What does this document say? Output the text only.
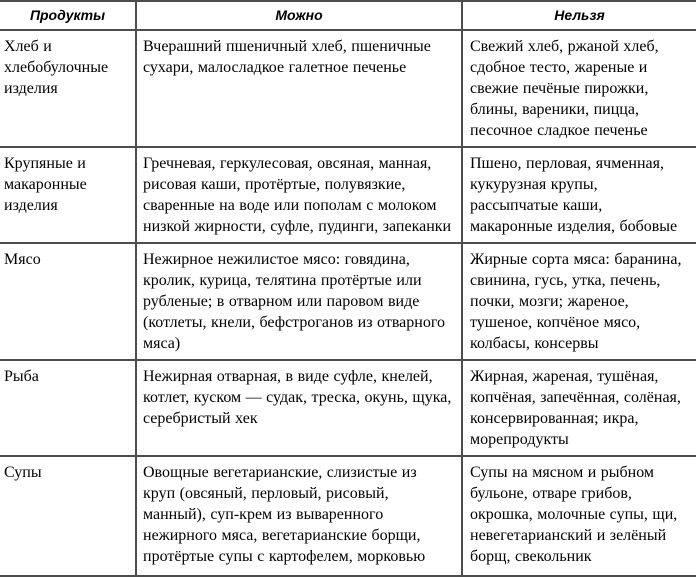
Продукты	Можно	Нельзя
Хлеб и хлебобулочные изделия	Вчерашний пшеничный хлеб, пшеничные сухари, малосладкое галетное печенье	Свежий хлеб, ржаной хлеб, сдобное тесто, жареные и свежие печёные пирожки, блины, вареники, пицца, песочное сладкое печенье
Крупяные и макаронные изделия	Гречневая, геркулесовая, овсяная, манная, рисовая каши, протёртые, полувязкие, сваренные на воде или пополам с молоком низкой жирности, суфле, пудинги, запеканки	Пшено, перловая, ячменная, кукурузная крупы, рассыпчатые каши, макаронные изделия, бобовые
Мясо	Нежирное нежилистое мясо: говядина, кролик, курица, телятина протёртые или рубленые; в отварном или паровом виде (котлеты, кнели, бефстроганов из отварного мяса)	Жирные сорта мяса: баранина, свинина, гусь, утка, печень, почки, мозги; жареное, тушеное, копчёное мясо, колбасы, консервы
Рыба	Нежирная отварная, в виде суфле, кнелей, котлет, куском — судак, треска, окунь, щука, серебристый хек	Жирная, жареная, тушёная, копчёная, запечённая, солёная, консервированная; икра, морепродукты
Супы	Овощные вегетарианские, слизистые из круп (овсяный, перловый, рисовый, манный), суп-крем из вываренного нежирного мяса, вегетарианские борщи, протёртые супы с картофелем, морковью	Супы на мясном и рыбном бульоне, отваре грибов, окрошка, молочные супы, щи, невегетарианский и зелёный борщ, свекольник
